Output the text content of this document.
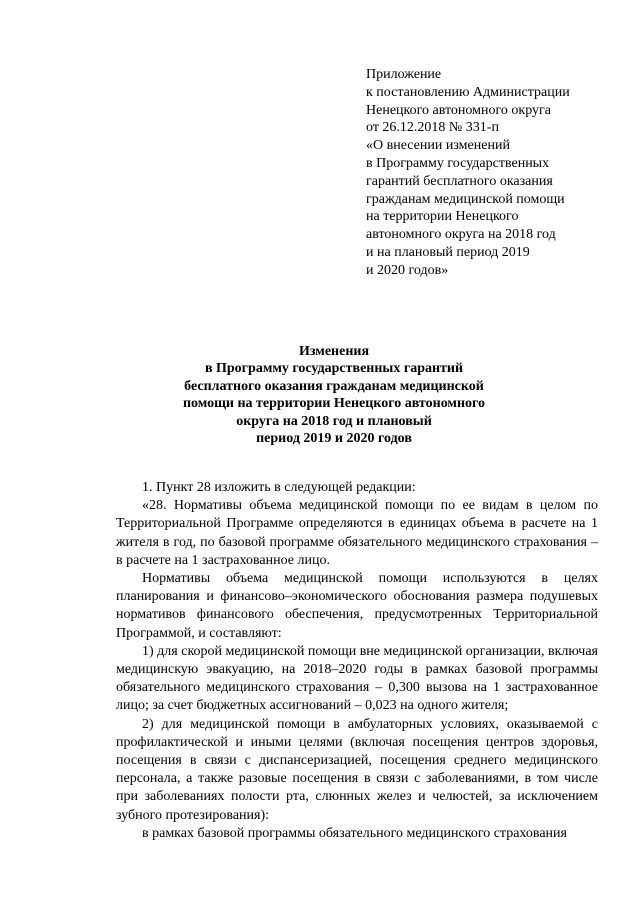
Приложение
к постановлению Администрации
Ненецкого автономного округа
от 26.12.2018 № 331-п
«О внесении изменений
в Программу государственных
гарантий бесплатного оказания
гражданам медицинской помощи
на территории Ненецкого
автономного округа на 2018 год
и на плановый период 2019
и 2020 годов»
Изменения
в Программу государственных гарантий
бесплатного оказания гражданам медицинской
помощи на территории Ненецкого автономного
округа на 2018 год и плановый
период 2019 и 2020 годов

1. Пункт 28 изложить в следующей редакции:

«28. Нормативы объема медицинской помощи по ее видам в целом по Территориальной Программе определяются в единицах объема в расчете на 1 жителя в год, по базовой программе обязательного медицинского страхования – в расчете на 1 застрахованное лицо.

Нормативы объема медицинской помощи используются в целях планирования и финансово–экономического обоснования размера подушевых нормативов финансового обеспечения, предусмотренных Территориальной Программой, и составляют:

1) для скорой медицинской помощи вне медицинской организации, включая медицинскую эвакуацию, на 2018–2020 годы в рамках базовой программы обязательного медицинского страхования – 0,300 вызова на 1 застрахованное лицо; за счет бюджетных ассигнований – 0,023 на одного жителя;

2) для медицинской помощи в амбулаторных условиях, оказываемой с профилактической и иными целями (включая посещения центров здоровья, посещения в связи с диспансеризацией, посещения среднего медицинского персонала, а также разовые посещения в связи с заболеваниями, в том числе при заболеваниях полости рта, слюнных желез и челюстей, за исключением зубного протезирования):

в рамках базовой программы обязательного медицинского страхования
